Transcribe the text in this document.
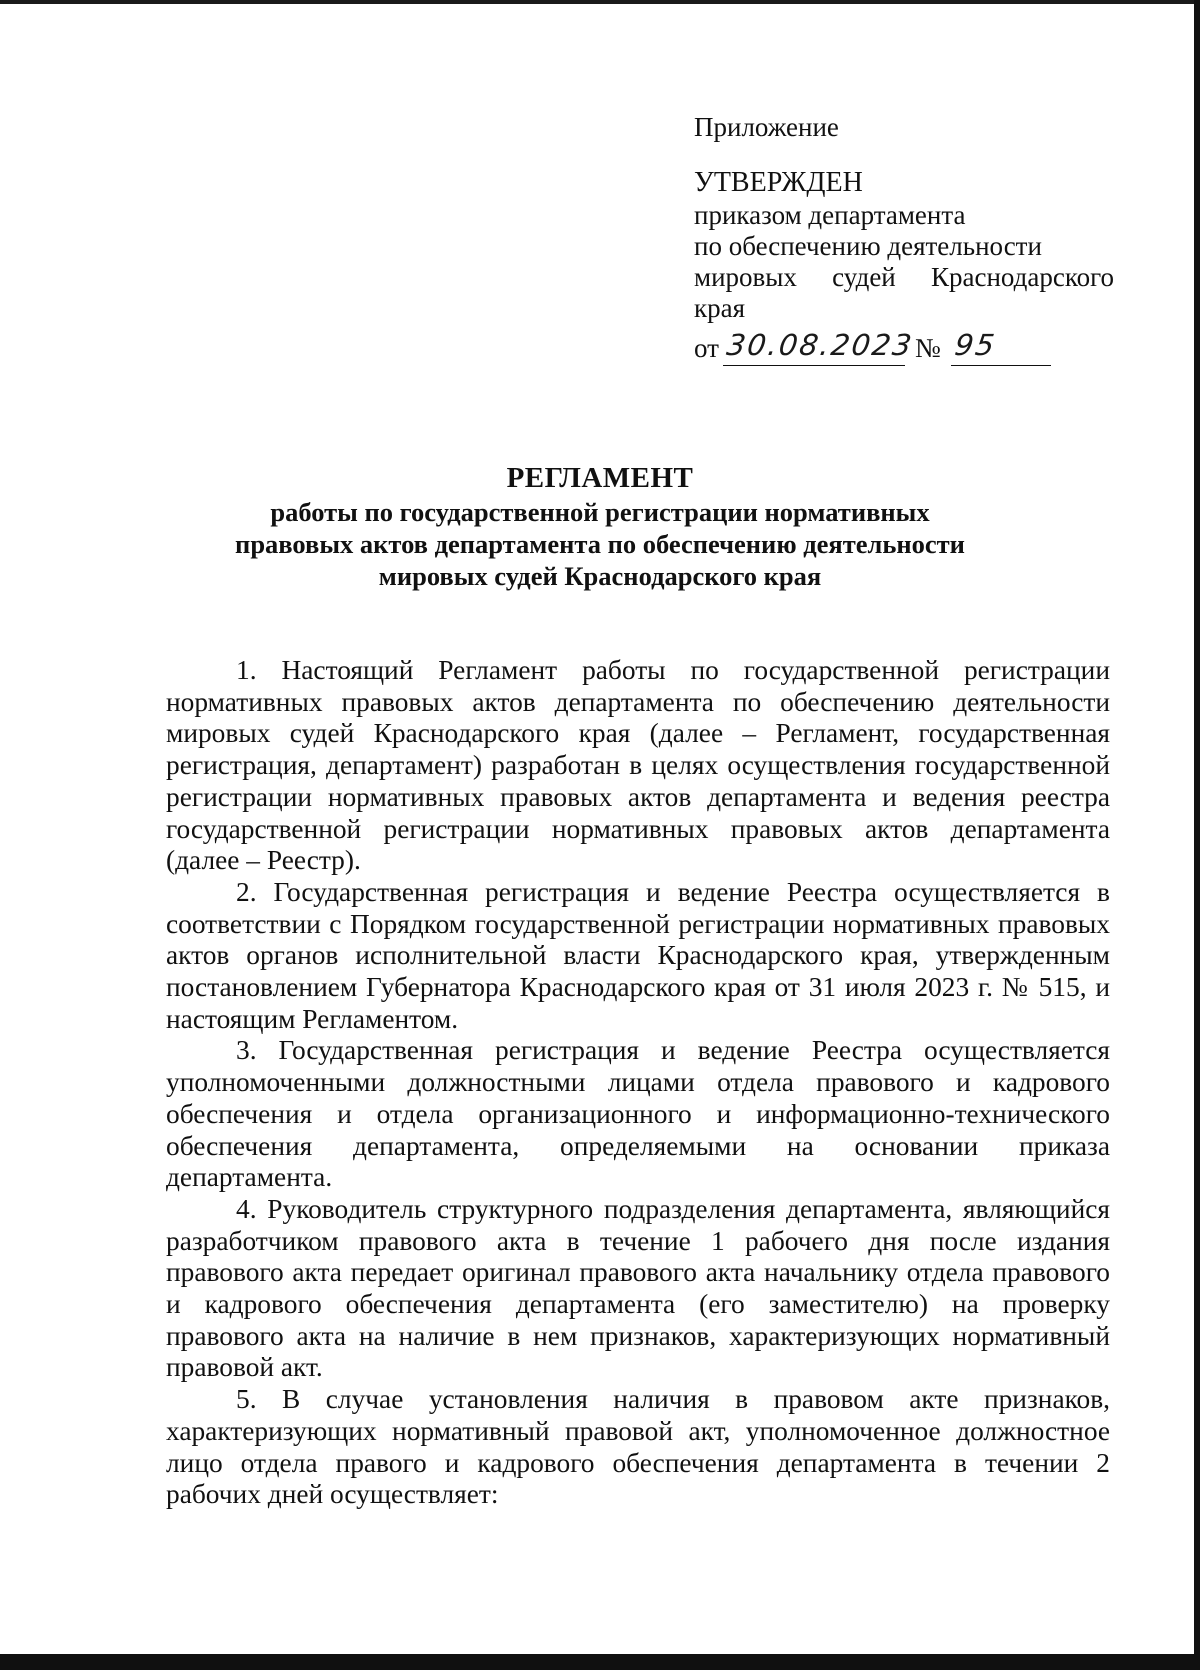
Приложение
УТВЕРЖДЕН
приказом департамента
по обеспечению деятельности
мировых судей Краснодарского
края
от 30.08.2023 № 95
РЕГЛАМЕНТ
работы по государственной регистрации нормативных
правовых актов департамента по обеспечению деятельности
мировых судей Краснодарского края

1. Настоящий Регламент работы по государственной регистрации нормативных правовых актов департамента по обеспечению деятельности мировых судей Краснодарского края (далее – Регламент, государственная регистрация, департамент) разработан в целях осуществления государственной регистрации нормативных правовых актов департамента и ведения реестра государственной регистрации нормативных правовых актов департамента (далее – Реестр).

2. Государственная регистрация и ведение Реестра осуществляется в соответствии с Порядком государственной регистрации нормативных правовых актов органов исполнительной власти Краснодарского края, утвержденным постановлением Губернатора Краснодарского края от 31 июля 2023 г. № 515, и настоящим Регламентом.

3. Государственная регистрация и ведение Реестра осуществляется уполномоченными должностными лицами отдела правового и кадрового обеспечения и отдела организационного и информационно-технического обеспечения департамента, определяемыми на основании приказа департамента.

4. Руководитель структурного подразделения департамента, являющийся разработчиком правового акта в течение 1 рабочего дня после издания правового акта передает оригинал правового акта начальнику отдела правового и кадрового обеспечения департамента (его заместителю) на проверку правового акта на наличие в нем признаков, характеризующих нормативный правовой акт.

5. В случае установления наличия в правовом акте признаков, характеризующих нормативный правовой акт, уполномоченное должностное лицо отдела правого и кадрового обеспечения департамента в течении 2 рабочих дней осуществляет:
